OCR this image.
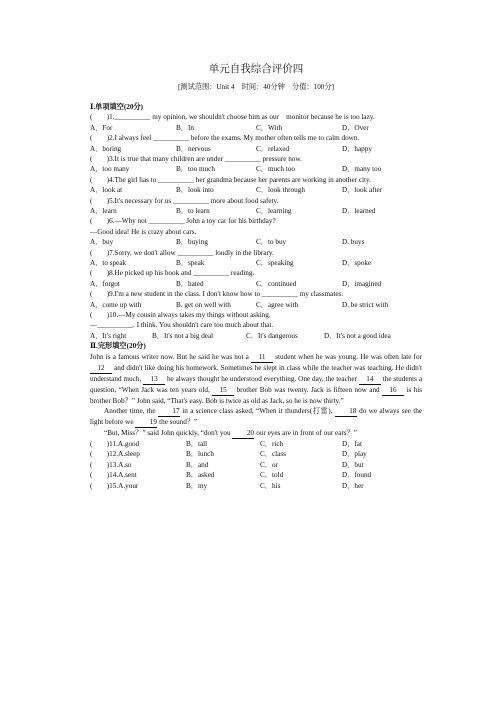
单元自我综合评价四
[测试范围：Unit 4　时间：40分钟　分值：100分]
Ⅰ.单项填空(20分)
(　　)1.__________ my opinion, we shouldn't choose him as our　monitor because he is too lazy.
A．For	B．In	C．With	D．Over
(　　)2.I always feel __________ before the exams. My mother often tells me to calm down.
A．boring	B．nervous	C．relaxed	D．happy
(　　)3.It is true that many children are under __________ pressure now.
A．too many	B．too much	C．much too	D．many too
(　　)4.The girl has to __________ her grandma because her parents are working in another city.
A．look at	B．look into	C．look through	D．look after
(　　)5.It's necessary for us __________ more about food safety.
A．learn	B．to learn	C．learning	D．learned
(　　)6.—Why not __________ John a toy car for his birthday?
—Good idea! He is crazy about cars.
A．buy	B．buying	C．to buy	D. buys
(　　)7.Sorry, we don't allow __________ loudly in the library.
A．to speak	B．speak	C．speaking	D．spoke
(　　)8.He picked up his book and __________ reading.
A．forgot	B．hated	C．continued	D．imagined
(　　)9.I'm a new student in the class. I don't know how to __________ my classmates.
A．come up with	B. get on well with	C．agree with	D. be strict with
(　　)10.—My cousin always takes my things without asking.
—__________. I think. You shouldn't care too much about that.
A．It's right	B．It's not a big deal	C．It's dangerous	D．It's not a good idea
Ⅱ.完形填空(20分)
John is a famous writer now. But he said he was not a 11 student when he was young. He was often late for 12 and didn't like doing his homework. Sometimes he slept in class while the teacher was teaching. He didn't understand much, 13 he always thought he understood everything. One day, the teacher 14 the students a question, “When Jack was ten years old, 15 brother Bob was twenty. Jack is fifteen now and 16 is his brother Bob？” John said, “That's easy. Bob is twice as old as Jack, so he is now thirty.”
Another time, the 17 in a science class asked, “When it thunders(打雷), 18 do we always see the light before we 19 the sound？”
“But, Miss？” said John quickly, “don't you 20 our eyes are in front of our ears？”
(　　)11.A.good	B．tall	C．rich	D．fat
(　　)12.A.sleep	B．lunch	C．class	D．play
(　　)13.A.so	B．and	C．or	D．but
(　　)14.A.sent	B．asked	C．told	D．found
(　　)15.A.your	B．my	C．his	D．her
